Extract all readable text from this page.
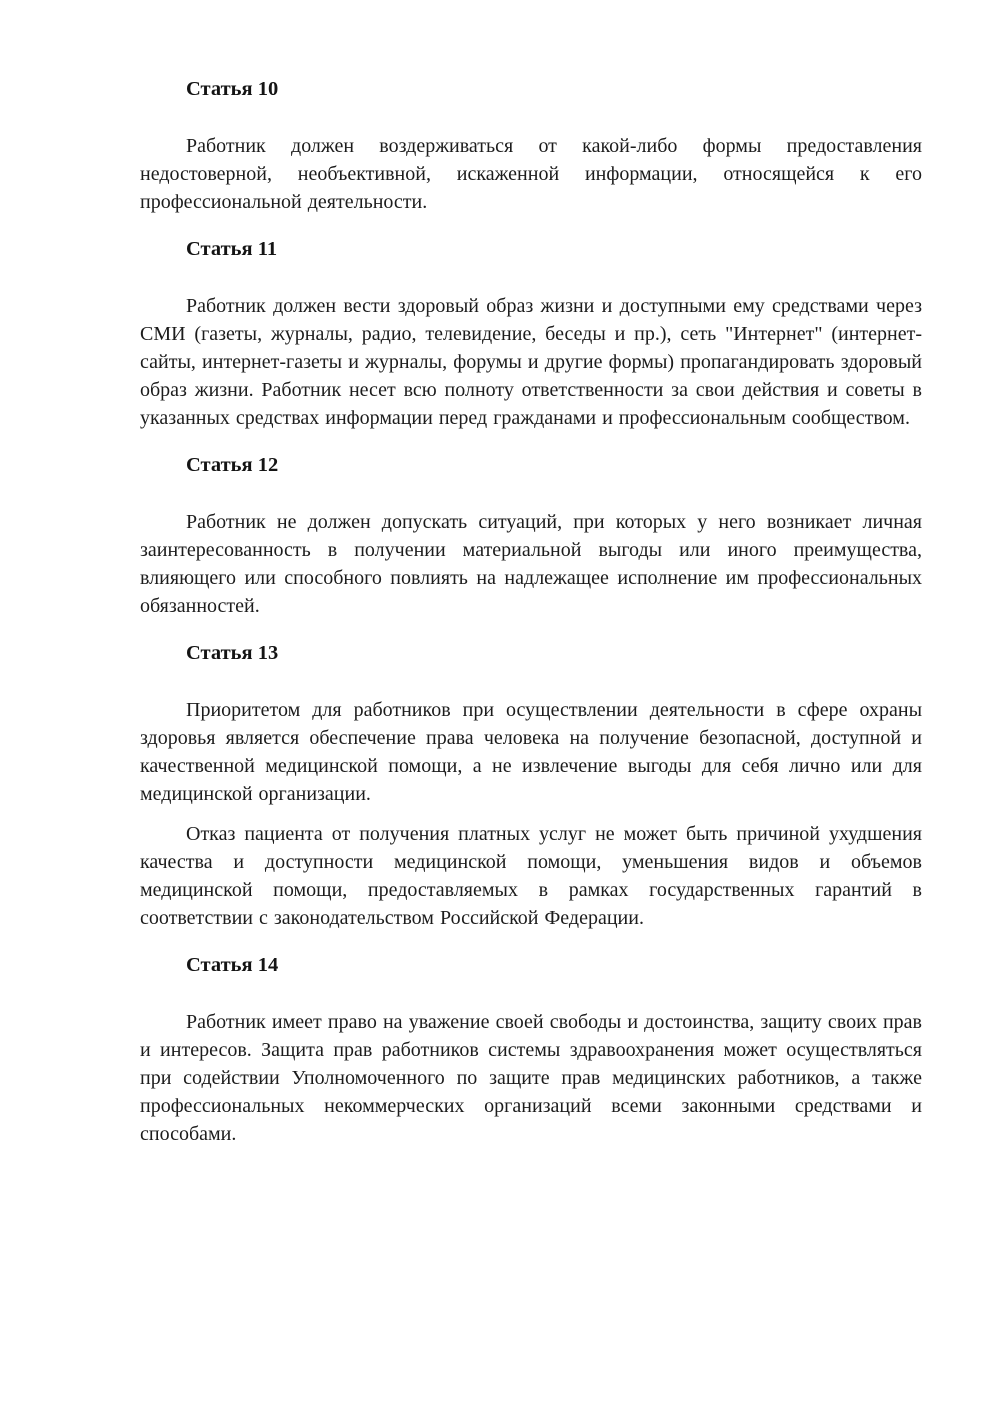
Статья 10

Работник должен воздерживаться от какой-либо формы предоставления недостоверной, необъективной, искаженной информации, относящейся к его профессиональной деятельности.

Статья 11

Работник должен вести здоровый образ жизни и доступными ему средствами через СМИ (газеты, журналы, радио, телевидение, беседы и пр.), сеть "Интернет" (интернет-сайты, интернет-газеты и журналы, форумы и другие формы) пропагандировать здоровый образ жизни. Работник несет всю полноту ответственности за свои действия и советы в указанных средствах информации перед гражданами и профессиональным сообществом.

Статья 12

Работник не должен допускать ситуаций, при которых у него возникает личная заинтересованность в получении материальной выгоды или иного преимущества, влияющего или способного повлиять на надлежащее исполнение им профессиональных обязанностей.

Статья 13

Приоритетом для работников при осуществлении деятельности в сфере охраны здоровья является обеспечение права человека на получение безопасной, доступной и качественной медицинской помощи, а не извлечение выгоды для себя лично или для медицинской организации.

Отказ пациента от получения платных услуг не может быть причиной ухудшения качества и доступности медицинской помощи, уменьшения видов и объемов медицинской помощи, предоставляемых в рамках государственных гарантий в соответствии с законодательством Российской Федерации.

Статья 14

Работник имеет право на уважение своей свободы и достоинства, защиту своих прав и интересов. Защита прав работников системы здравоохранения может осуществляться при содействии Уполномоченного по защите прав медицинских работников, а также профессиональных некоммерческих организаций всеми законными средствами и способами.
